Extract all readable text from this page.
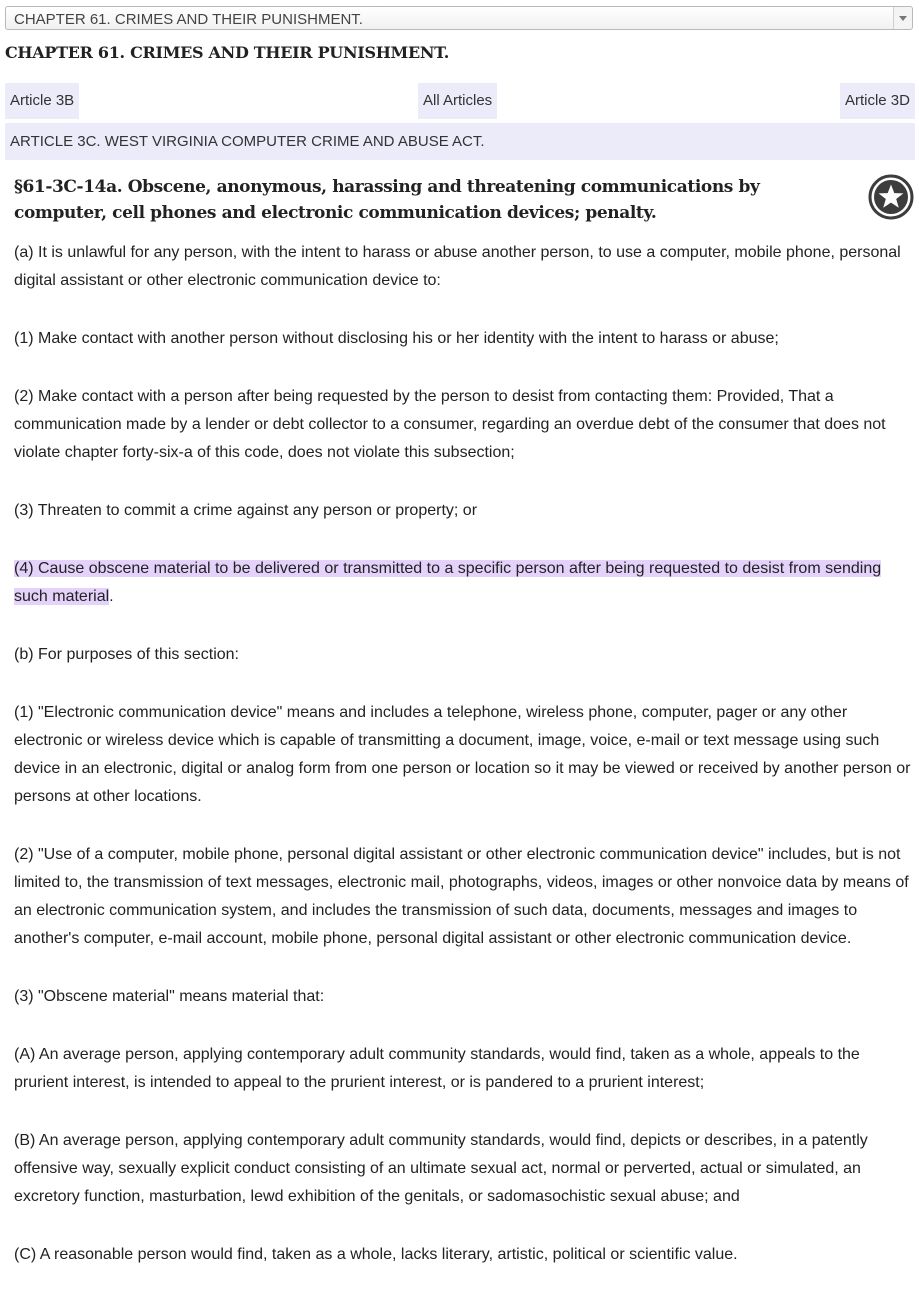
CHAPTER 61. CRIMES AND THEIR PUNISHMENT.
CHAPTER 61. CRIMES AND THEIR PUNISHMENT.
Article 3B	All Articles	Article 3D
ARTICLE 3C. WEST VIRGINIA COMPUTER CRIME AND ABUSE ACT.
§61-3C-14a. Obscene, anonymous, harassing and threatening communications by computer, cell phones and electronic communication devices; penalty.

(a) It is unlawful for any person, with the intent to harass or abuse another person, to use a computer, mobile phone, personal digital assistant or other electronic communication device to:

(1) Make contact with another person without disclosing his or her identity with the intent to harass or abuse;

(2) Make contact with a person after being requested by the person to desist from contacting them: Provided, That a communication made by a lender or debt collector to a consumer, regarding an overdue debt of the consumer that does not violate chapter forty-six-a of this code, does not violate this subsection;

(3) Threaten to commit a crime against any person or property; or

(4) Cause obscene material to be delivered or transmitted to a specific person after being requested to desist from sending such material.

(b) For purposes of this section:

(1) "Electronic communication device" means and includes a telephone, wireless phone, computer, pager or any other electronic or wireless device which is capable of transmitting a document, image, voice, e-mail or text message using such device in an electronic, digital or analog form from one person or location so it may be viewed or received by another person or persons at other locations.

(2) "Use of a computer, mobile phone, personal digital assistant or other electronic communication device" includes, but is not limited to, the transmission of text messages, electronic mail, photographs, videos, images or other nonvoice data by means of an electronic communication system, and includes the transmission of such data, documents, messages and images to another's computer, e-mail account, mobile phone, personal digital assistant or other electronic communication device.

(3) "Obscene material" means material that:

(A) An average person, applying contemporary adult community standards, would find, taken as a whole, appeals to the prurient interest, is intended to appeal to the prurient interest, or is pandered to a prurient interest;

(B) An average person, applying contemporary adult community standards, would find, depicts or describes, in a patently offensive way, sexually explicit conduct consisting of an ultimate sexual act, normal or perverted, actual or simulated, an excretory function, masturbation, lewd exhibition of the genitals, or sadomasochistic sexual abuse; and

(C) A reasonable person would find, taken as a whole, lacks literary, artistic, political or scientific value.
